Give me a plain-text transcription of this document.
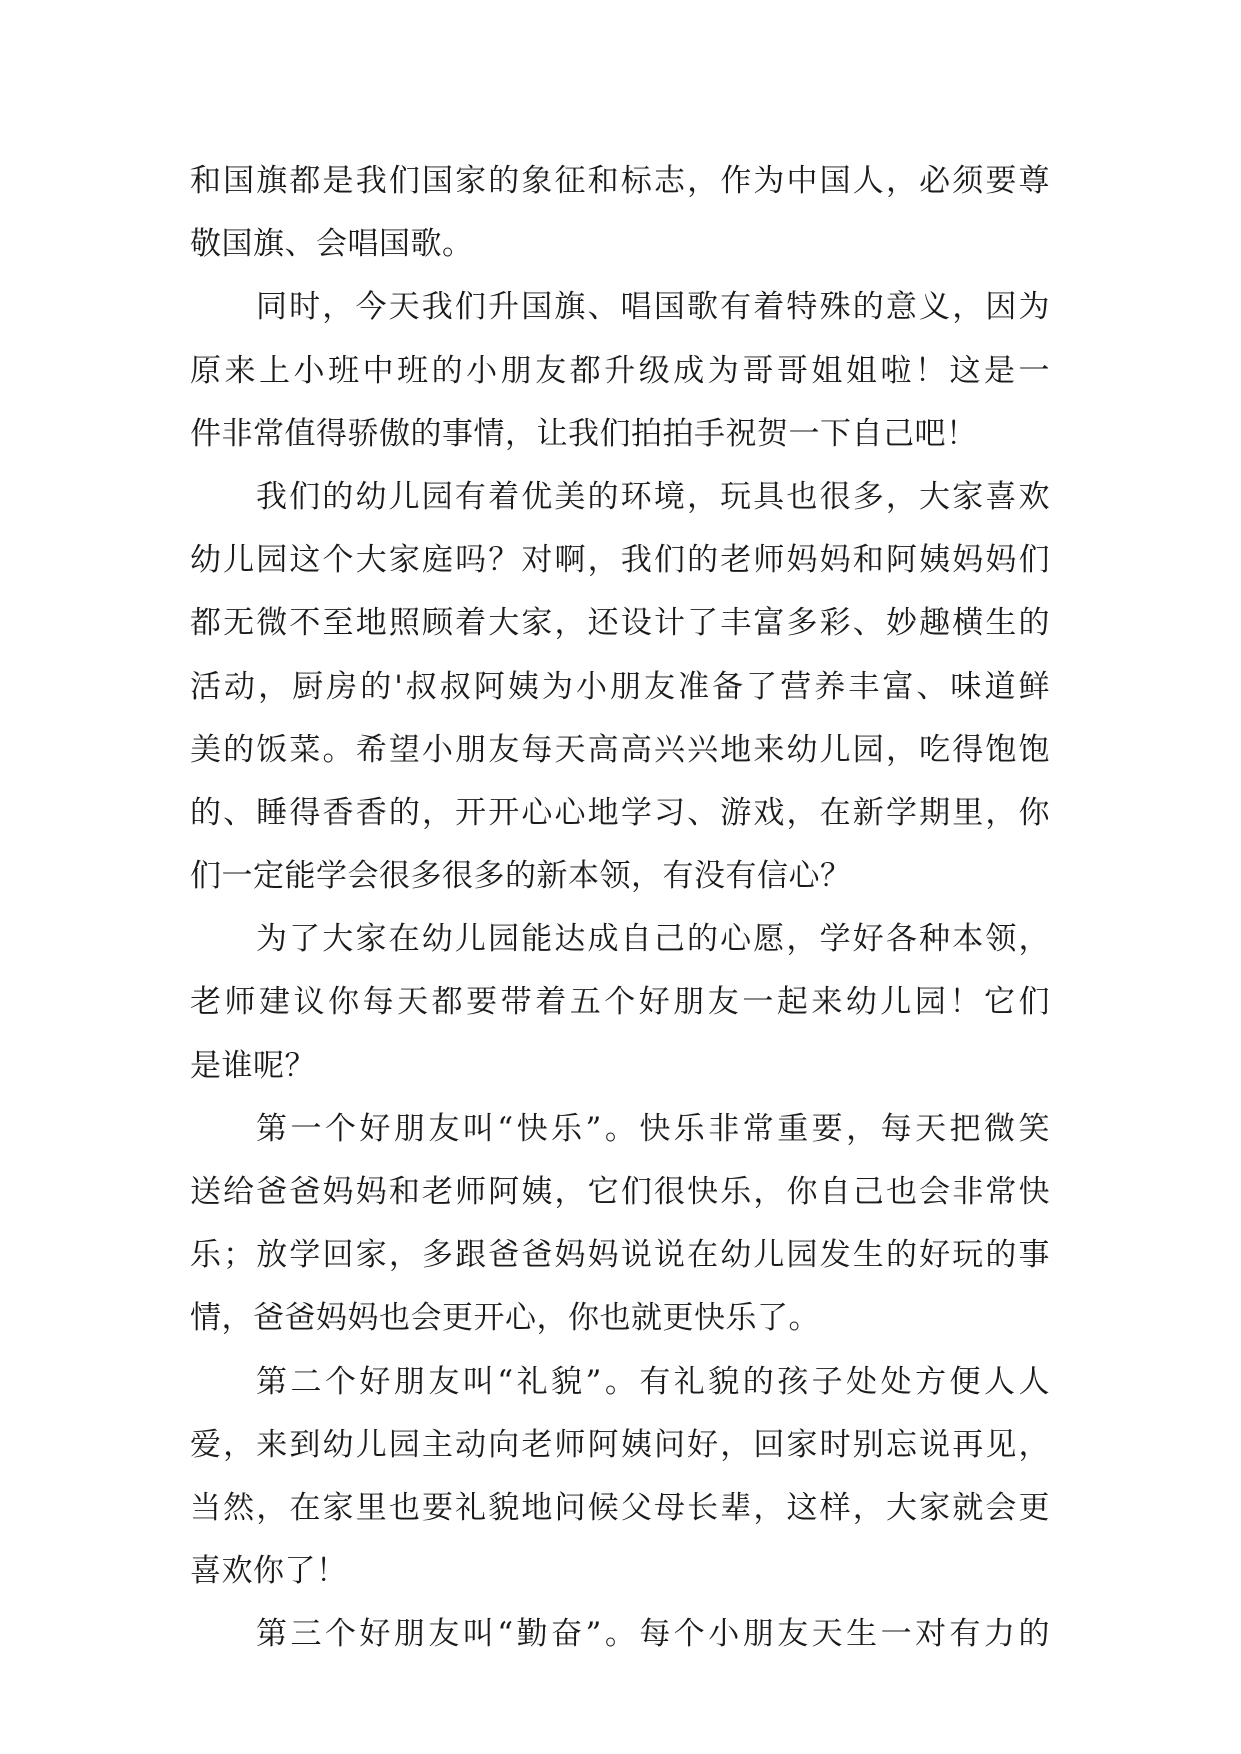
和国旗都是我们国家的象征和标志，作为中国人，必须要尊
敬国旗、会唱国歌。
同时，今天我们升国旗、唱国歌有着特殊的意义，因为
原来上小班中班的小朋友都升级成为哥哥姐姐啦！这是一
件非常值得骄傲的事情，让我们拍拍手祝贺一下自己吧！
我们的幼儿园有着优美的环境，玩具也很多，大家喜欢
幼儿园这个大家庭吗？对啊，我们的老师妈妈和阿姨妈妈们
都无微不至地照顾着大家，还设计了丰富多彩、妙趣横生的
活动，厨房的'叔叔阿姨为小朋友准备了营养丰富、味道鲜
美的饭菜。希望小朋友每天高高兴兴地来幼儿园，吃得饱饱
的、睡得香香的，开开心心地学习、游戏，在新学期里，你
们一定能学会很多很多的新本领，有没有信心？
为了大家在幼儿园能达成自己的心愿，学好各种本领，
老师建议你每天都要带着五个好朋友一起来幼儿园！它们
是谁呢？
第一个好朋友叫“快乐”。快乐非常重要，每天把微笑
送给爸爸妈妈和老师阿姨，它们很快乐，你自己也会非常快
乐；放学回家，多跟爸爸妈妈说说在幼儿园发生的好玩的事
情，爸爸妈妈也会更开心，你也就更快乐了。
第二个好朋友叫“礼貌”。有礼貌的孩子处处方便人人
爱，来到幼儿园主动向老师阿姨问好，回家时别忘说再见，
当然，在家里也要礼貌地问候父母长辈，这样，大家就会更
喜欢你了！
第三个好朋友叫“勤奋”。每个小朋友天生一对有力的
